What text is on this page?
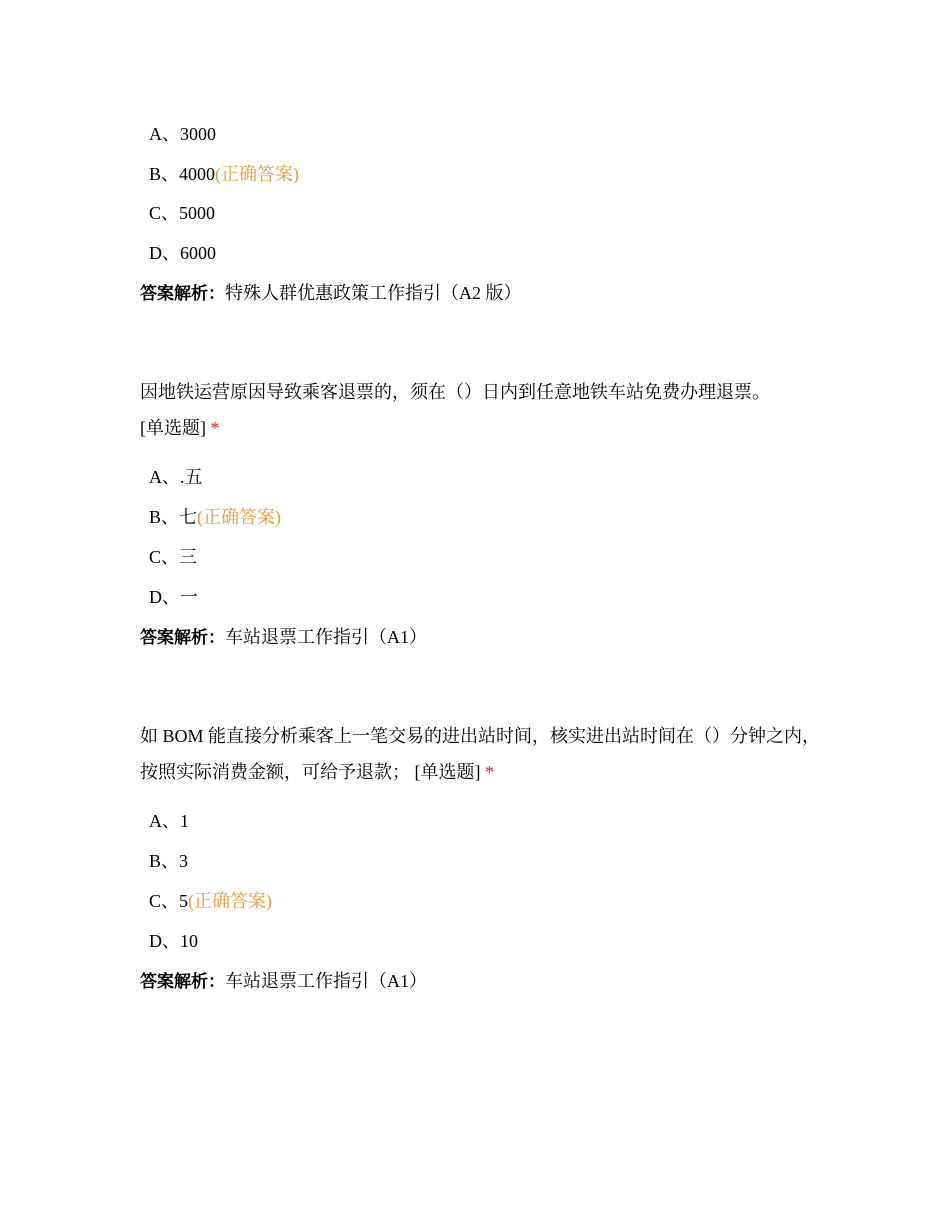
A、3000
B、4000(正确答案)
C、5000
D、6000
答案解析：特殊人群优惠政策工作指引（A2 版）
因地铁运营原因导致乘客退票的，须在（）日内到任意地铁车站免费办理退票。
[单选题] *
A、.五
B、七(正确答案)
C、三
D、一
答案解析：车站退票工作指引（A1）
如 BOM 能直接分析乘客上一笔交易的进出站时间，核实进出站时间在（）分钟之内，按照实际消费金额，可给予退款； [单选题] *
A、1
B、3
C、5(正确答案)
D、10
答案解析：车站退票工作指引（A1）
